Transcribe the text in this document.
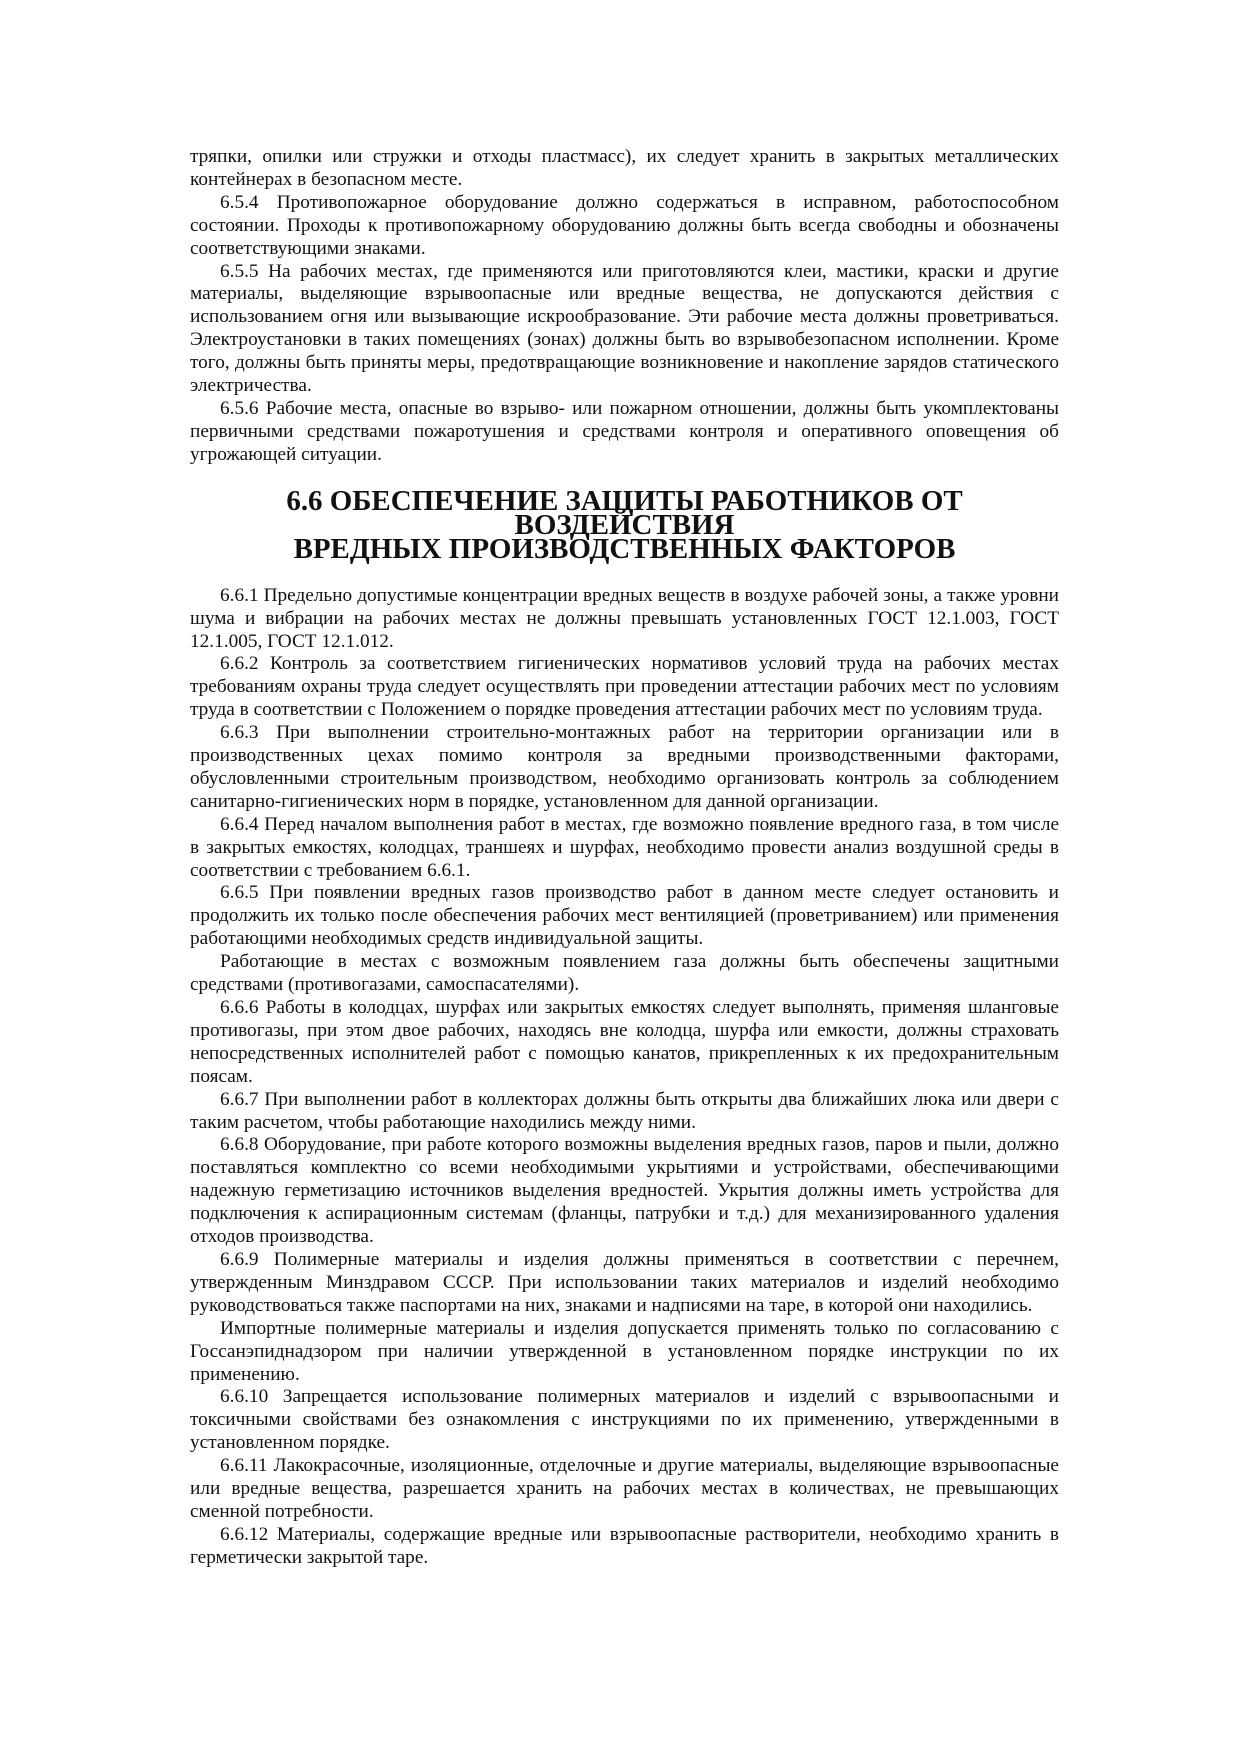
тряпки, опилки или стружки и отходы пластмасс), их следует хранить в закрытых металлических контейнерах в безопасном месте.

6.5.4 Противопожарное оборудование должно содержаться в исправном, работоспособном состоянии. Проходы к противопожарному оборудованию должны быть всегда свободны и обозначены соответствующими знаками.

6.5.5 На рабочих местах, где применяются или приготовляются клеи, мастики, краски и другие материалы, выделяющие взрывоопасные или вредные вещества, не допускаются действия с использованием огня или вызывающие искрообразование. Эти рабочие места должны проветриваться. Электроустановки в таких помещениях (зонах) должны быть во взрывобезопасном исполнении. Кроме того, должны быть приняты меры, предотвращающие возникновение и накопление зарядов статического электричества.

6.5.6 Рабочие места, опасные во взрыво- или пожарном отношении, должны быть укомплектованы первичными средствами пожаротушения и средствами контроля и оперативного оповещения об угрожающей ситуации.

6.6 ОБЕСПЕЧЕНИЕ ЗАЩИТЫ РАБОТНИКОВ ОТ ВОЗДЕЙСТВИЯ
ВРЕДНЫХ ПРОИЗВОДСТВЕННЫХ ФАКТОРОВ

6.6.1 Предельно допустимые концентрации вредных веществ в воздухе рабочей зоны, а также уровни шума и вибрации на рабочих местах не должны превышать установленных ГОСТ 12.1.003, ГОСТ 12.1.005, ГОСТ 12.1.012.

6.6.2 Контроль за соответствием гигиенических нормативов условий труда на рабочих местах требованиям охраны труда следует осуществлять при проведении аттестации рабочих мест по условиям труда в соответствии с Положением о порядке проведения аттестации рабочих мест по условиям труда.

6.6.3 При выполнении строительно-монтажных работ на территории организации или в производственных цехах помимо контроля за вредными производственными факторами, обусловленными строительным производством, необходимо организовать контроль за соблюдением санитарно-гигиенических норм в порядке, установленном для данной организации.

6.6.4 Перед началом выполнения работ в местах, где возможно появление вредного газа, в том числе в закрытых емкостях, колодцах, траншеях и шурфах, необходимо провести анализ воздушной среды в соответствии с требованием 6.6.1.

6.6.5 При появлении вредных газов производство работ в данном месте следует остановить и продолжить их только после обеспечения рабочих мест вентиляцией (проветриванием) или применения работающими необходимых средств индивидуальной защиты.

Работающие в местах с возможным появлением газа должны быть обеспечены защитными средствами (противогазами, самоспасателями).

6.6.6 Работы в колодцах, шурфах или закрытых емкостях следует выполнять, применяя шланговые противогазы, при этом двое рабочих, находясь вне колодца, шурфа или емкости, должны страховать непосредственных исполнителей работ с помощью канатов, прикрепленных к их предохранительным поясам.

6.6.7 При выполнении работ в коллекторах должны быть открыты два ближайших люка или двери с таким расчетом, чтобы работающие находились между ними.

6.6.8 Оборудование, при работе которого возможны выделения вредных газов, паров и пыли, должно поставляться комплектно со всеми необходимыми укрытиями и устройствами, обеспечивающими надежную герметизацию источников выделения вредностей. Укрытия должны иметь устройства для подключения к аспирационным системам (фланцы, патрубки и т.д.) для механизированного удаления отходов производства.

6.6.9 Полимерные материалы и изделия должны применяться в соответствии с перечнем, утвержденным Минздравом СССР. При использовании таких материалов и изделий необходимо руководствоваться также паспортами на них, знаками и надписями на таре, в которой они находились.

Импортные полимерные материалы и изделия допускается применять только по согласованию с Госсанэпиднадзором при наличии утвержденной в установленном порядке инструкции по их применению.

6.6.10 Запрещается использование полимерных материалов и изделий с взрывоопасными и токсичными свойствами без ознакомления с инструкциями по их применению, утвержденными в установленном порядке.

6.6.11 Лакокрасочные, изоляционные, отделочные и другие материалы, выделяющие взрывоопасные или вредные вещества, разрешается хранить на рабочих местах в количествах, не превышающих сменной потребности.

6.6.12 Материалы, содержащие вредные или взрывоопасные растворители, необходимо хранить в герметически закрытой таре.
